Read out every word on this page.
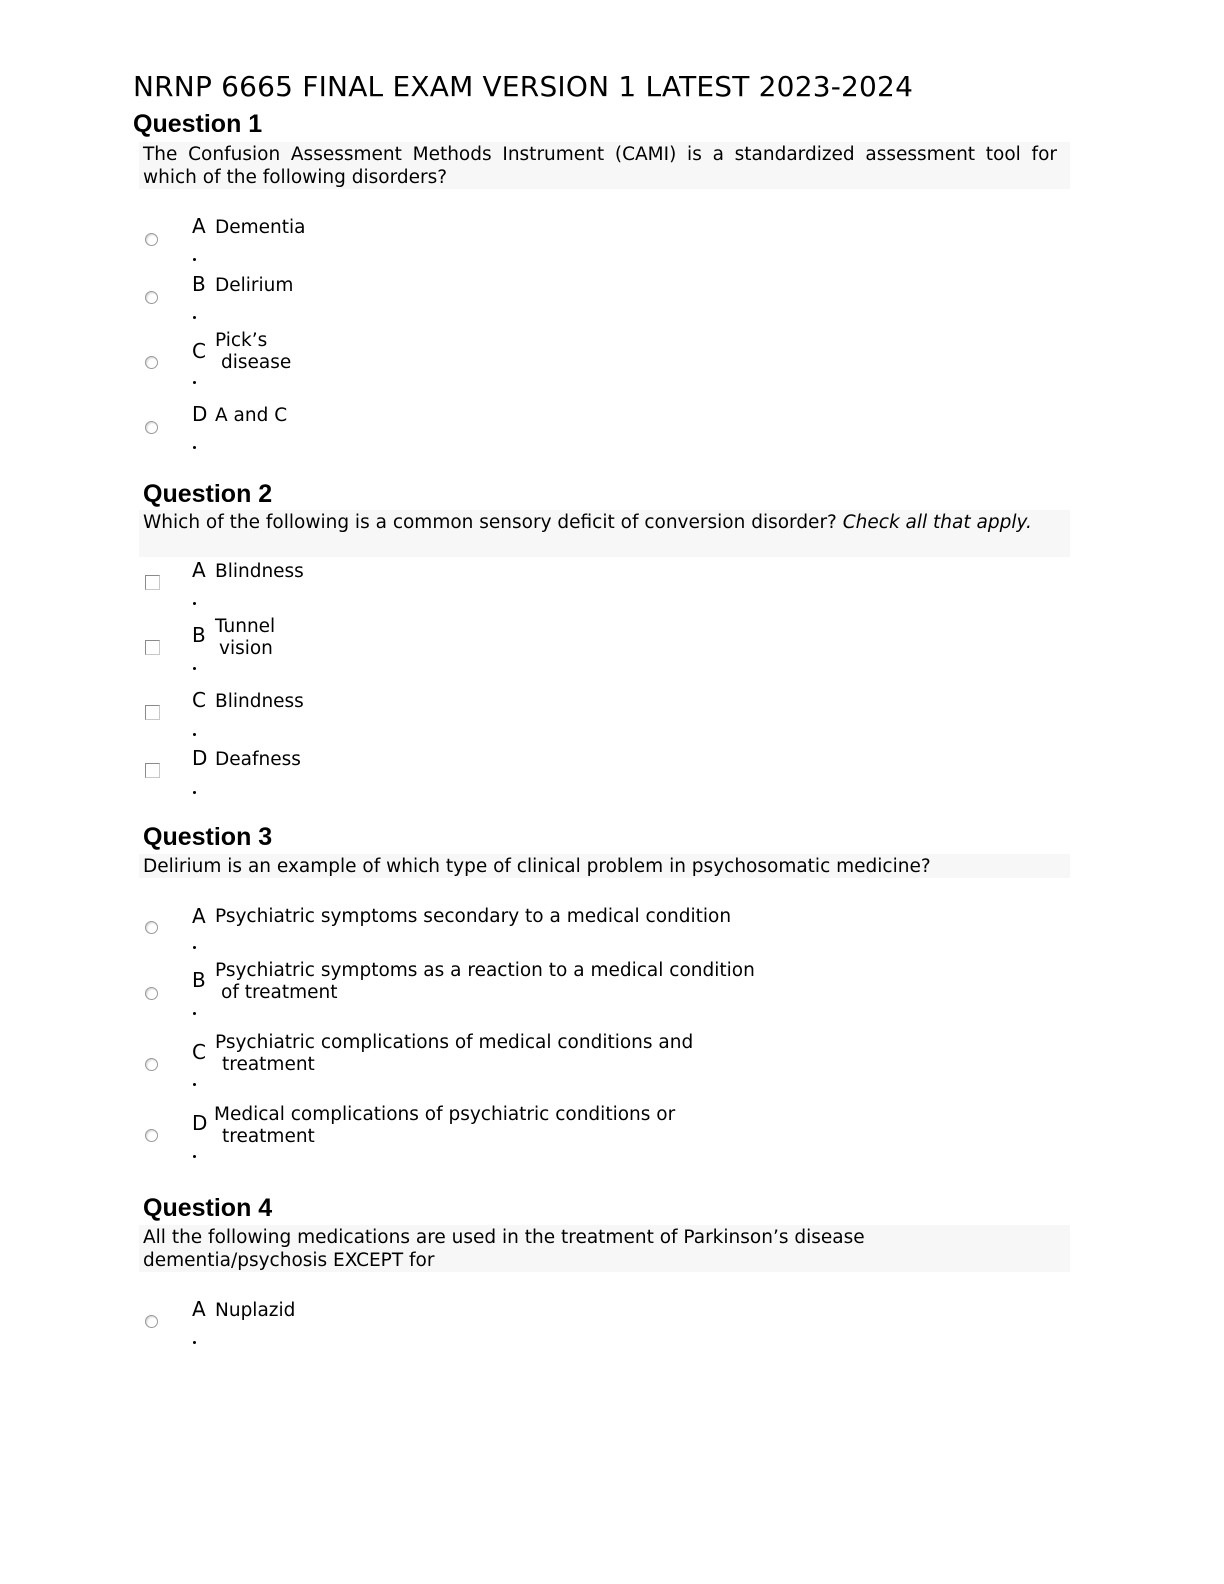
NRNP 6665 FINAL EXAM VERSION 1 LATEST 2023-2024
Question 1
The Confusion Assessment Methods Instrument (CAMI) is a standardized assessment tool for which of the following disorders?
A Dementia
B Delirium
C Pick’s
disease
D A and C
Question 2
Which of the following is a common sensory deficit of conversion disorder? Check all that apply.
A Blindness
B Tunnel
vision
C Blindness
D Deafness
Question 3
Delirium is an example of which type of clinical problem in psychosomatic medicine?
A Psychiatric symptoms secondary to a medical condition
B Psychiatric symptoms as a reaction to a medical condition
of treatment
C Psychiatric complications of medical conditions and
treatment
D Medical complications of psychiatric conditions or
treatment
Question 4
All the following medications are used in the treatment of Parkinson’s disease
dementia/psychosis EXCEPT for
A Nuplazid
